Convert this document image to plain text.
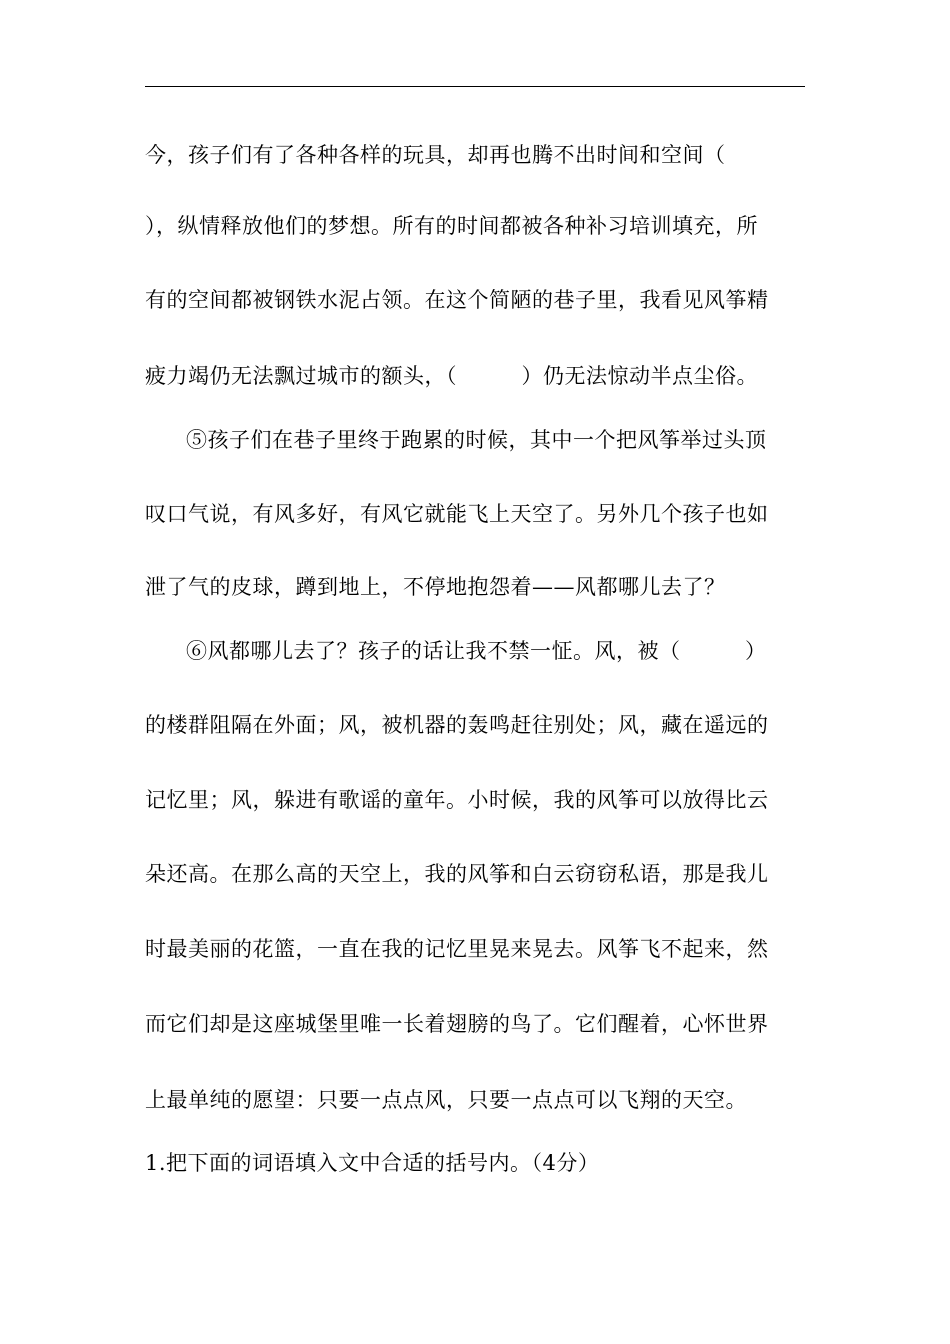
今，孩子们有了各种各样的玩具，却再也腾不出时间和空间（
），纵情释放他们的梦想。所有的时间都被各种补习培训填充，所
有的空间都被钢铁水泥占领。在这个简陋的巷子里，我看见风筝精
疲力竭仍无法飘过城市的额头，（　　　）仍无法惊动半点尘俗。
⑤孩子们在巷子里终于跑累的时候，其中一个把风筝举过头顶
叹口气说，有风多好，有风它就能飞上天空了。另外几个孩子也如
泄了气的皮球，蹲到地上，不停地抱怨着——风都哪儿去了？
⑥风都哪儿去了？孩子的话让我不禁一怔。风，被（　　　）
的楼群阻隔在外面；风，被机器的轰鸣赶往别处；风，藏在遥远的
记忆里；风，躲进有歌谣的童年。小时候，我的风筝可以放得比云
朵还高。在那么高的天空上，我的风筝和白云窃窃私语，那是我儿
时最美丽的花篮，一直在我的记忆里晃来晃去。风筝飞不起来，然
而它们却是这座城堡里唯一长着翅膀的鸟了。它们醒着，心怀世界
上最单纯的愿望：只要一点点风，只要一点点可以飞翔的天空。
1.把下面的词语填入文中合适的括号内。（4分）
